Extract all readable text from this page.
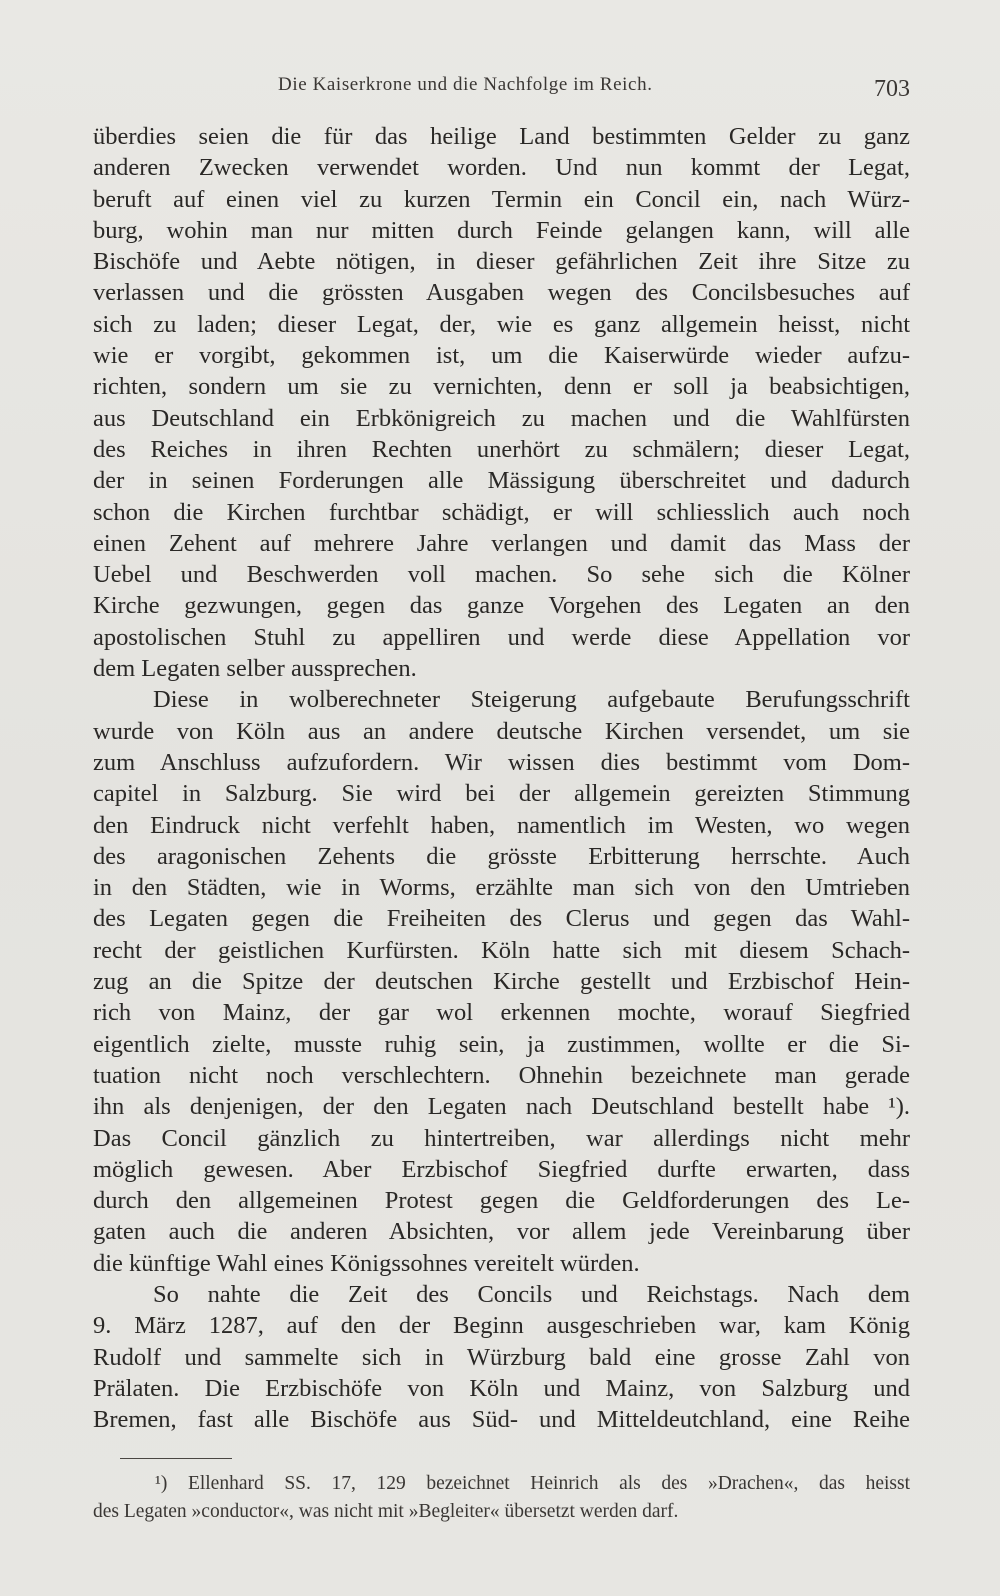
Die Kaiserkrone und die Nachfolge im Reich.	703
überdies seien die für das heilige Land bestimmten Gelder zu ganz
anderen Zwecken verwendet worden. Und nun kommt der Legat,
beruft auf einen viel zu kurzen Termin ein Concil ein, nach Würz-
burg, wohin man nur mitten durch Feinde gelangen kann, will alle
Bischöfe und Aebte nötigen, in dieser gefährlichen Zeit ihre Sitze zu
verlassen und die grössten Ausgaben wegen des Concilsbesuches auf
sich zu laden; dieser Legat, der, wie es ganz allgemein heisst, nicht
wie er vorgibt, gekommen ist, um die Kaiserwürde wieder aufzu-
richten, sondern um sie zu vernichten, denn er soll ja beabsichtigen,
aus Deutschland ein Erbkönigreich zu machen und die Wahlfürsten
des Reiches in ihren Rechten unerhört zu schmälern; dieser Legat,
der in seinen Forderungen alle Mässigung überschreitet und dadurch
schon die Kirchen furchtbar schädigt, er will schliesslich auch noch
einen Zehent auf mehrere Jahre verlangen und damit das Mass der
Uebel und Beschwerden voll machen. So sehe sich die Kölner
Kirche gezwungen, gegen das ganze Vorgehen des Legaten an den
apostolischen Stuhl zu appelliren und werde diese Appellation vor
dem Legaten selber aussprechen.
Diese in wolberechneter Steigerung aufgebaute Berufungsschrift
wurde von Köln aus an andere deutsche Kirchen versendet, um sie
zum Anschluss aufzufordern. Wir wissen dies bestimmt vom Dom-
capitel in Salzburg. Sie wird bei der allgemein gereizten Stimmung
den Eindruck nicht verfehlt haben, namentlich im Westen, wo wegen
des aragonischen Zehents die grösste Erbitterung herrschte. Auch
in den Städten, wie in Worms, erzählte man sich von den Umtrieben
des Legaten gegen die Freiheiten des Clerus und gegen das Wahl-
recht der geistlichen Kurfürsten. Köln hatte sich mit diesem Schach-
zug an die Spitze der deutschen Kirche gestellt und Erzbischof Hein-
rich von Mainz, der gar wol erkennen mochte, worauf Siegfried
eigentlich zielte, musste ruhig sein, ja zustimmen, wollte er die Si-
tuation nicht noch verschlechtern. Ohnehin bezeichnete man gerade
ihn als denjenigen, der den Legaten nach Deutschland bestellt habe ¹).
Das Concil gänzlich zu hintertreiben, war allerdings nicht mehr
möglich gewesen. Aber Erzbischof Siegfried durfte erwarten, dass
durch den allgemeinen Protest gegen die Geldforderungen des Le-
gaten auch die anderen Absichten, vor allem jede Vereinbarung über
die künftige Wahl eines Königssohnes vereitelt würden.
So nahte die Zeit des Concils und Reichstags. Nach dem
9. März 1287, auf den der Beginn ausgeschrieben war, kam König
Rudolf und sammelte sich in Würzburg bald eine grosse Zahl von
Prälaten. Die Erzbischöfe von Köln und Mainz, von Salzburg und
Bremen, fast alle Bischöfe aus Süd- und Mitteldeutchland, eine Reihe
¹) Ellenhard SS. 17, 129 bezeichnet Heinrich als des »Drachen«, das heisst
des Legaten »conductor«, was nicht mit »Begleiter« übersetzt werden darf.
